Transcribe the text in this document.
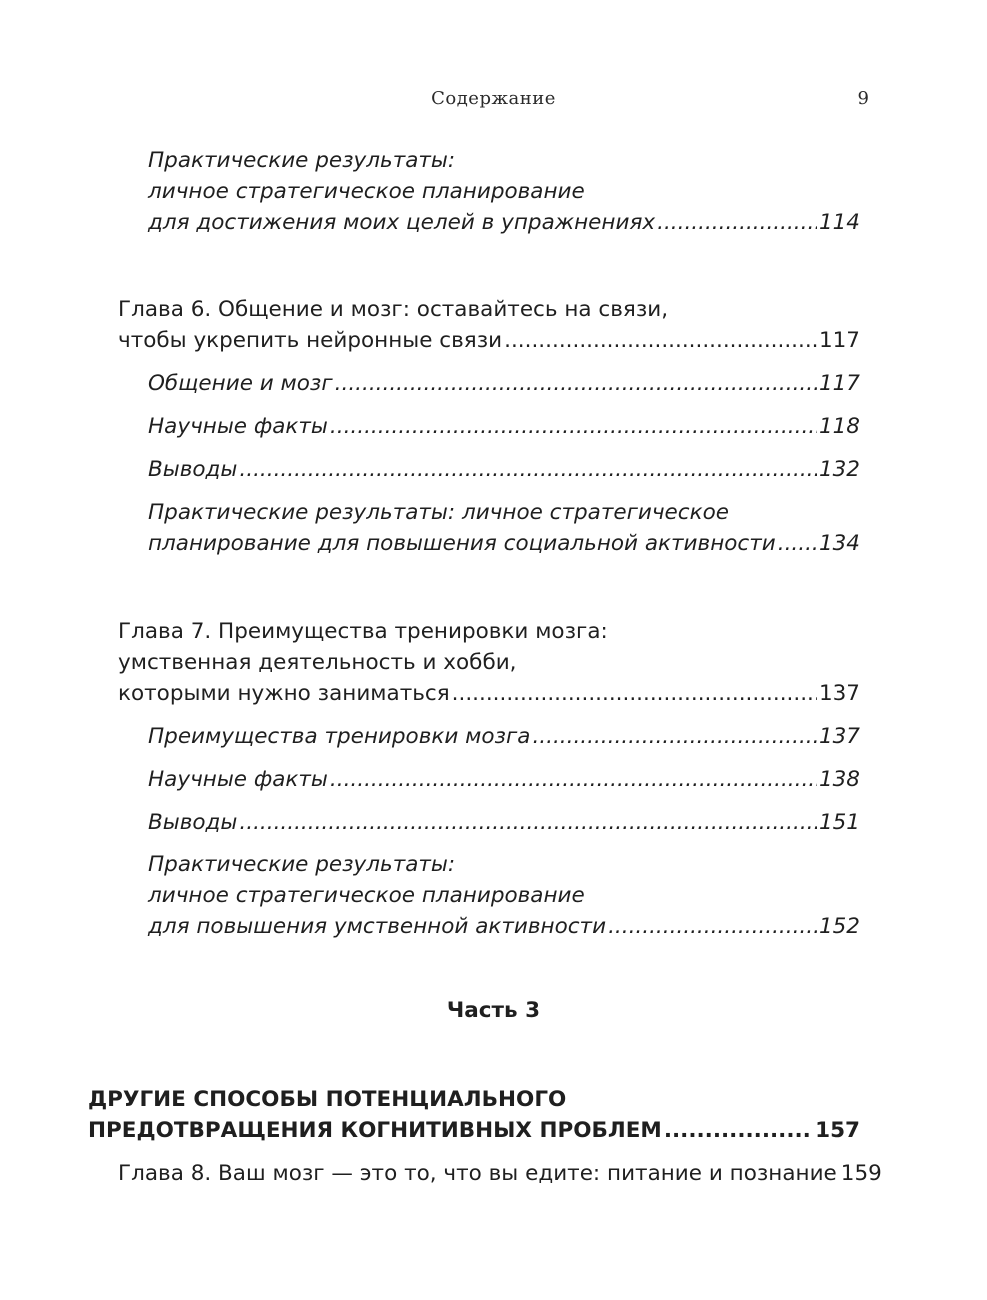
Содержание	9
Практические результаты:
личное стратегическое планирование
для достижения моих целей в упражнениях .....	114
Глава 6. Общение и мозг: оставайтесь на связи,
чтобы укрепить нейронные связи .....	117
Общение и мозг .....	117
Научные факты .....	118
Выводы .....	132
Практические результаты: личное стратегическое
планирование для повышения социальной активности ..... 134
Глава 7. Преимущества тренировки мозга:
умственная деятельность и хобби,
которыми нужно заниматься .....	137
Преимущества тренировки мозга .....	137
Научные факты .....	138
Выводы .....	151
Практические результаты:
личное стратегическое планирование
для повышения умственной активности .....	152
Часть 3
ДРУГИЕ СПОСОБЫ ПОТЕНЦИАЛЬНОГО
ПРЕДОТВРАЩЕНИЯ КОГНИТИВНЫХ ПРОБЛЕМ .....	157
Глава 8. Ваш мозг — это то, что вы едите: питание и познание 159
